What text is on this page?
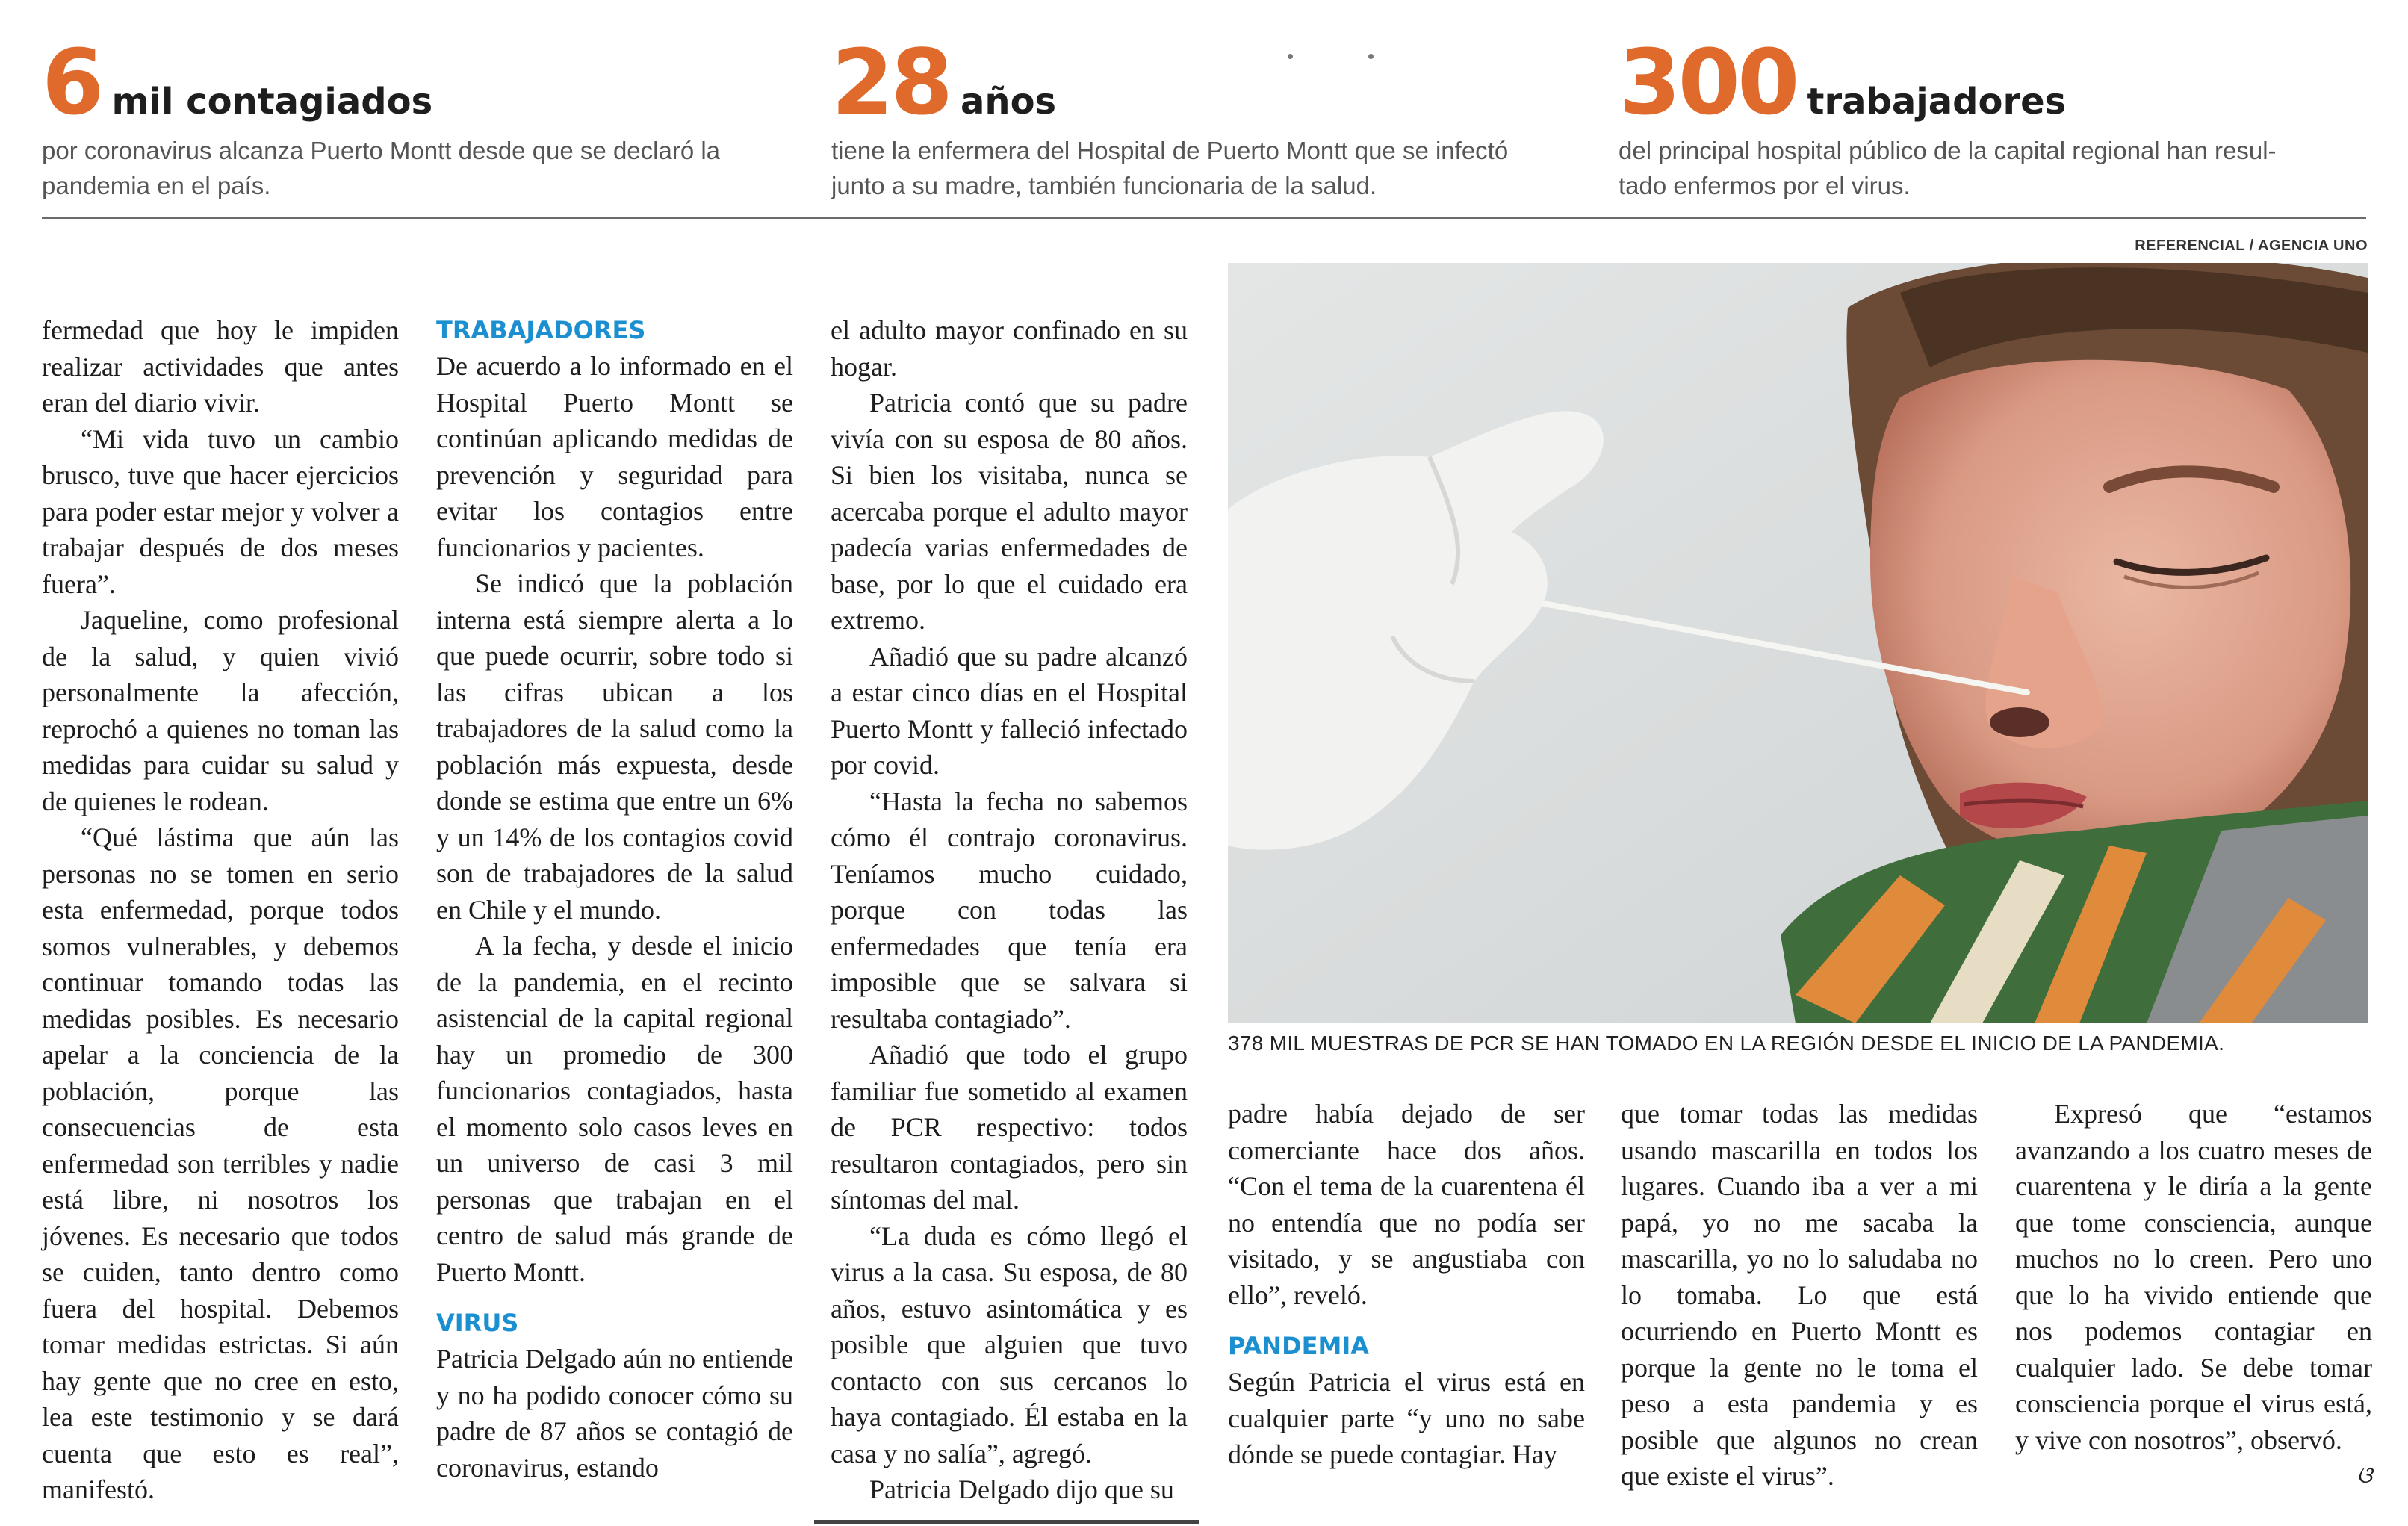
6 mil contagiados
por coronavirus alcanza Puerto Montt desde que se declaró la
pandemia en el país.
28 años
tiene la enfermera del Hospital de Puerto Montt que se infectó
junto a su madre, también funcionaria de la salud.
300 trabajadores
del principal hospital público de la capital regional han resul-
tado enfermos por el virus.
REFERENCIAL / AGENCIA UNO
378 MIL MUESTRAS DE PCR SE HAN TOMADO EN LA REGIÓN DESDE EL INICIO DE LA PANDEMIA.

fermedad que hoy le impiden realizar actividades que antes eran del diario vivir.

“Mi vida tuvo un cambio brusco, tuve que hacer ejercicios para poder estar mejor y volver a trabajar después de dos meses fuera”.

Jaqueline, como profesional de la salud, y quien vivió personalmente la afección, reprochó a quienes no toman las medidas para cuidar su salud y de quienes le rodean.

“Qué lástima que aún las personas no se tomen en serio esta enfermedad, porque todos somos vulnerables, y debemos continuar tomando todas las medidas posibles. Es necesario apelar a la conciencia de la población, porque las consecuencias de esta enfermedad son terribles y nadie está libre, ni nosotros los jóvenes. Es necesario que todos se cuiden, tanto dentro como fuera del hospital. Debemos tomar medidas estrictas. Si aún hay gente que no cree en esto, lea este testimonio y se dará cuenta que esto es real”, manifestó.

TRABAJADORES

De acuerdo a lo informado en el Hospital Puerto Montt se continúan aplicando medidas de prevención y seguridad para evitar los contagios entre funcionarios y pacientes.

Se indicó que la población interna está siempre alerta a lo que puede ocurrir, sobre todo si las cifras ubican a los trabajadores de la salud como la población más expuesta, desde donde se estima que entre un 6% y un 14% de los contagios covid son de trabajadores de la salud en Chile y el mundo.

A la fecha, y desde el inicio de la pandemia, en el recinto asistencial de la capital regional hay un promedio de 300 funcionarios contagiados, hasta el momento solo casos leves en un universo de casi 3 mil personas que trabajan en el centro de salud más grande de Puerto Montt.

VIRUS

Patricia Delgado aún no entiende y no ha podido conocer cómo su padre de 87 años se contagió de coronavirus, estando

el adulto mayor confinado en su hogar.

Patricia contó que su padre vivía con su esposa de 80 años. Si bien los visitaba, nunca se acercaba porque el adulto mayor padecía varias enfermedades de base, por lo que el cuidado era extremo.

Añadió que su padre alcanzó a estar cinco días en el Hospital Puerto Montt y falleció infectado por covid.

“Hasta la fecha no sabemos cómo él contrajo coronavirus. Teníamos mucho cuidado, porque con todas las enfermedades que tenía era imposible que se salvara si resultaba contagiado”.

Añadió que todo el grupo familiar fue sometido al examen de PCR respectivo: todos resultaron contagiados, pero sin síntomas del mal.

“La duda es cómo llegó el virus a la casa. Su esposa, de 80 años, estuvo asintomática y es posible que alguien que tuvo contacto con sus cercanos lo haya contagiado. Él estaba en la casa y no salía”, agregó.

Patricia Delgado dijo que su

padre había dejado de ser comerciante hace dos años. “Con el tema de la cuarentena él no entendía que no podía ser visitado, y se angustiaba con ello”, reveló.

PANDEMIA

Según Patricia el virus está en cualquier parte “y uno no sabe dónde se puede contagiar. Hay

que tomar todas las medidas usando mascarilla en todos los lugares. Cuando iba a ver a mi papá, yo no me sacaba la mascarilla, yo no lo saludaba no lo tomaba. Lo que está ocurriendo en Puerto Montt es porque la gente no le toma el peso a esta pandemia y es posible que algunos no crean que existe el virus”.

Expresó que “estamos avanzando a los cuatro meses de cuarentena y le diría a la gente que tome consciencia, aunque muchos no lo creen. Pero uno que lo ha vivido entiende que nos podemos contagiar en cualquier lado. Se debe tomar consciencia porque el virus está, y vive con nosotros”, observó.

ଓ
